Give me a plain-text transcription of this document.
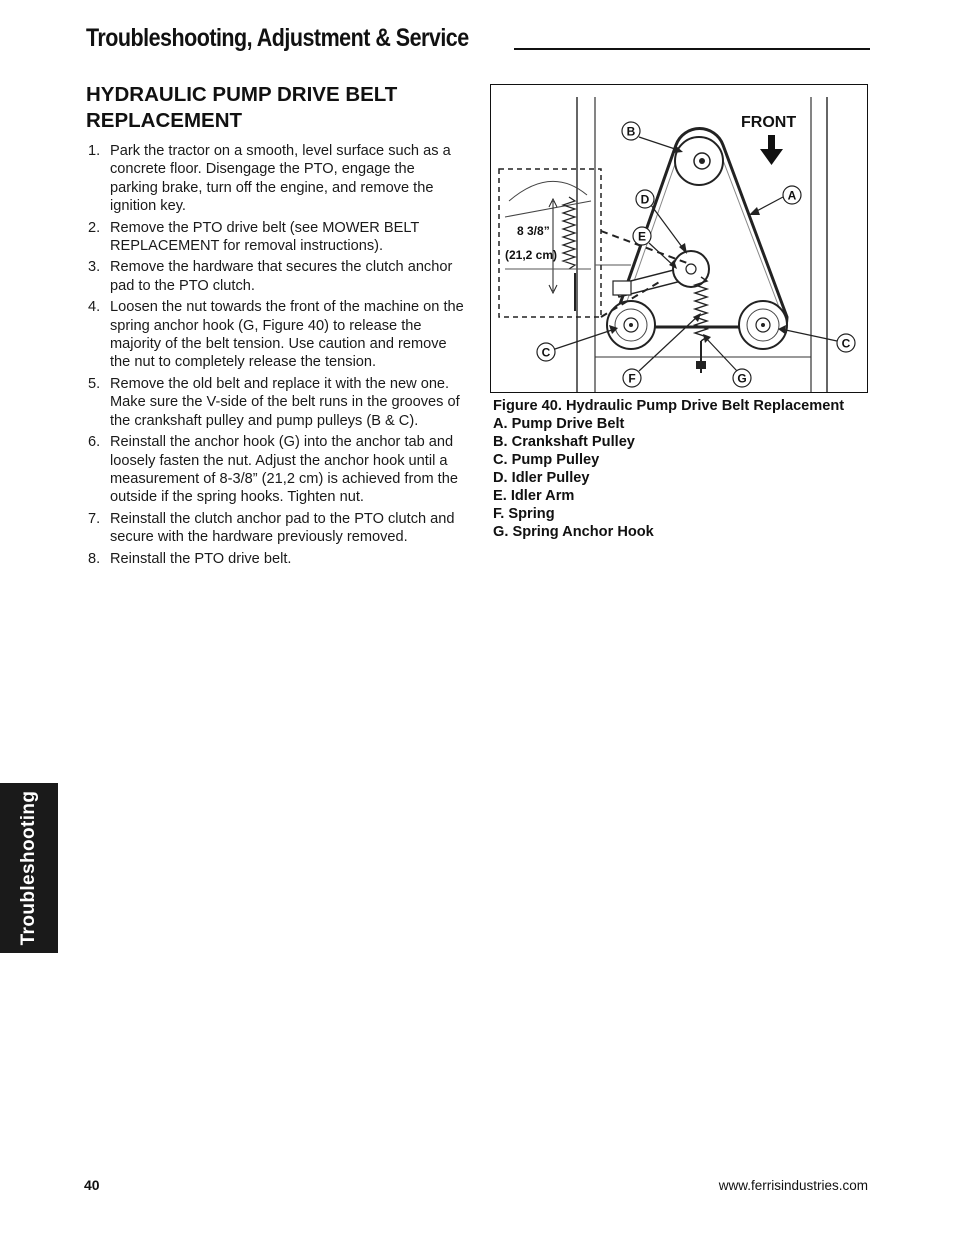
Troubleshooting, Adjustment & Service
HYDRAULIC PUMP DRIVE BELT REPLACEMENT
1. Park the tractor on a smooth, level surface such as a concrete floor. Disengage the PTO, engage the parking brake, turn off the engine, and remove the ignition key.
2. Remove the PTO drive belt (see MOWER BELT REPLACEMENT for removal instructions).
3. Remove the hardware that secures the clutch anchor pad to the PTO clutch.
4. Loosen the nut towards the front of the machine on the spring anchor hook (G, Figure 40) to release the majority of the belt tension. Use caution and remove the nut to completely release the tension.
5. Remove the old belt and replace it with the new one. Make sure the V-side of the belt runs in the grooves of the crankshaft pulley and pump pulleys (B & C).
6. Reinstall the anchor hook (G) into the anchor tab and loosely fasten the nut. Adjust the anchor hook until a measurement of 8-3/8” (21,2 cm) is achieved from the outside if the spring hooks. Tighten nut.
7. Reinstall the clutch anchor pad to the PTO clutch and secure with the hardware previously removed.
8. Reinstall the PTO drive belt.
8 3/8”
(21,2 cm)
FRONT
B
A
D
E
C
C
F	G
Figure 40. Hydraulic Pump Drive Belt Replacement
A. Pump Drive Belt
B. Crankshaft Pulley
C. Pump Pulley
D. Idler Pulley
E. Idler Arm
F. Spring
G. Spring Anchor Hook
Troubleshooting
40	www.ferrisindustries.com
